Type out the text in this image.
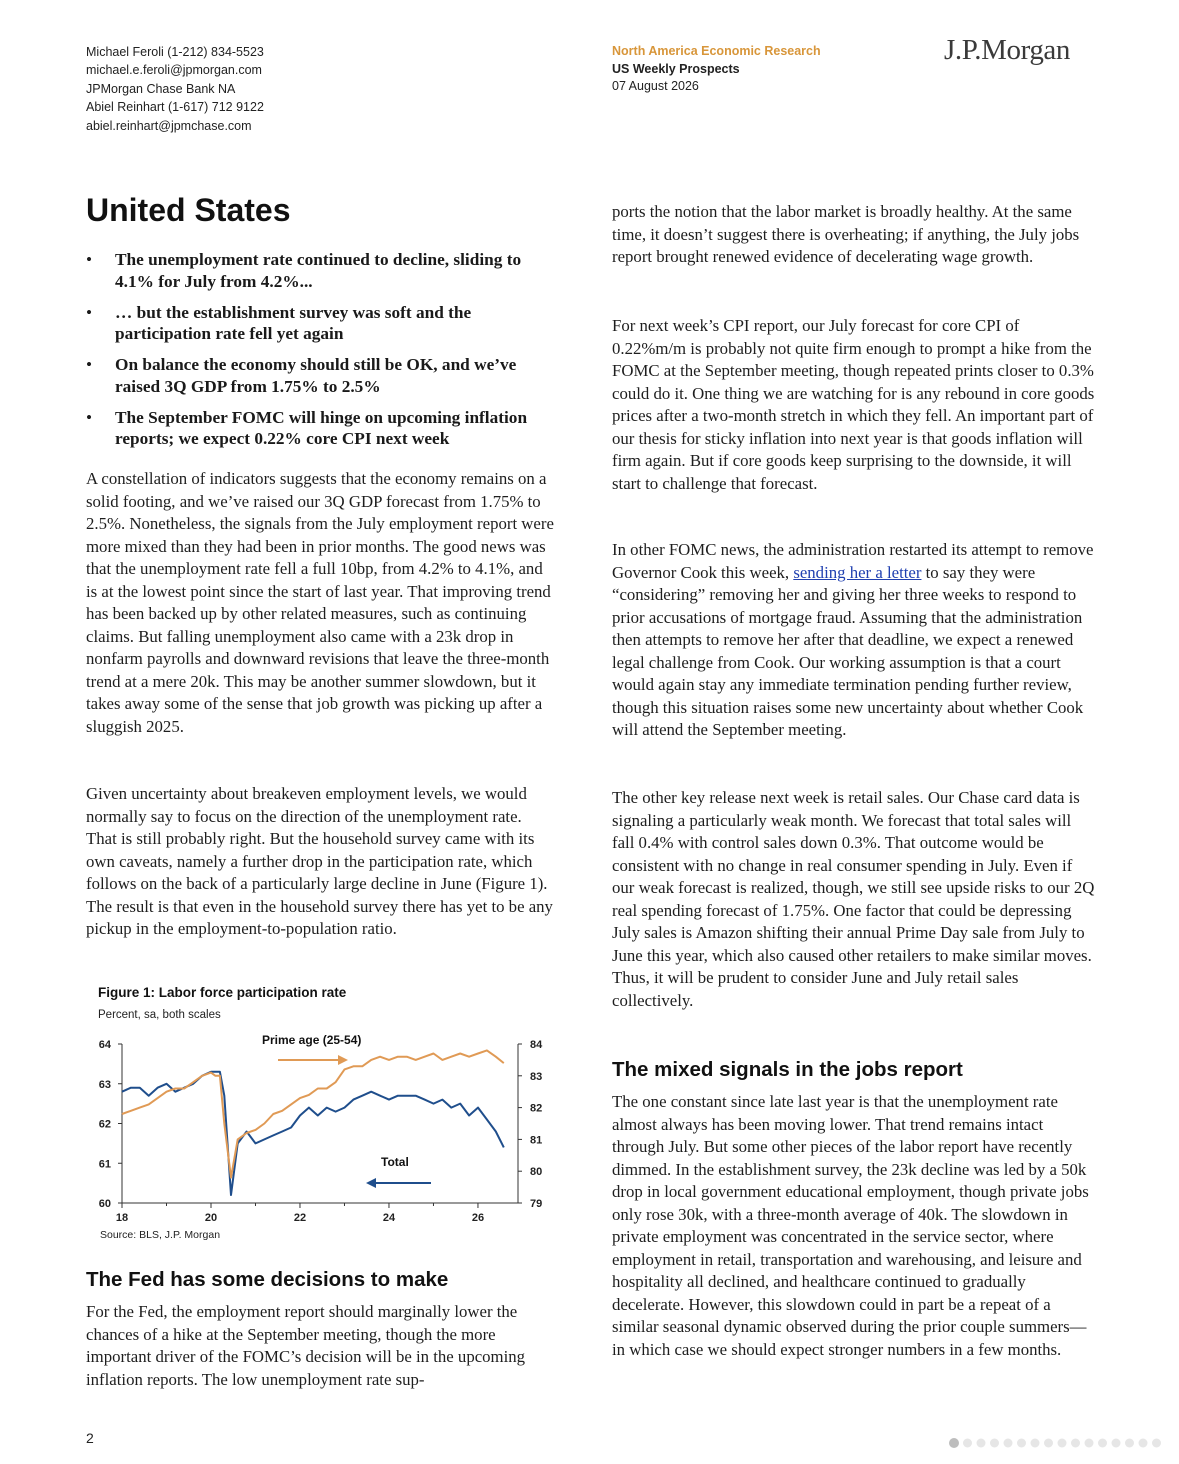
Michael Feroli (1-212) 834-5523
michael.e.feroli@jpmorgan.com
JPMorgan Chase Bank NA
Abiel Reinhart (1-617) 712 9122
abiel.reinhart@jpmchase.com
North America Economic Research
US Weekly Prospects
07 August 2026
J.P.Morgan
United States
• The unemployment rate continued to decline, sliding to 4.1% for July from 4.2%...
• … but the establishment survey was soft and the participation rate fell yet again
• On balance the economy should still be OK, and we’ve raised 3Q GDP from 1.75% to 2.5%
• The September FOMC will hinge on upcoming inflation reports; we expect 0.22% core CPI next week

A constellation of indicators suggests that the economy remains on a solid footing, and we’ve raised our 3Q GDP forecast from 1.75% to 2.5%. Nonetheless, the signals from the July employment report were more mixed than they had been in prior months. The good news was that the unemployment rate fell a full 10bp, from 4.2% to 4.1%, and is at the lowest point since the start of last year. That improving trend has been backed up by other related measures, such as continuing claims. But falling unemployment also came with a 23k drop in nonfarm payrolls and downward revisions that leave the three-month trend at a mere 20k. This may be another summer slowdown, but it takes away some of the sense that job growth was picking up after a sluggish 2025.

Given uncertainty about breakeven employment levels, we would normally say to focus on the direction of the unemployment rate. That is still probably right. But the household survey came with its own caveats, namely a further drop in the participation rate, which follows on the back of a particularly large decline in June (Figure 1). The result is that even in the household survey there has yet to be any pickup in the employment-to-population ratio.

Figure 1: Labor force participation rate
Percent, sa, both scales
60
61
62
63
64
79
80
81
82
83
84
18	20	22	24	26
Prime age (25-54)
Total
Source: BLS, J.P. Morgan
The Fed has some decisions to make

For the Fed, the employment report should marginally lower the chances of a hike at the September meeting, though the more important driver of the FOMC’s decision will be in the upcoming inflation reports. The low unemployment rate sup-

ports the notion that the labor market is broadly healthy. At the same time, it doesn’t suggest there is overheating; if anything, the July jobs report brought renewed evidence of decelerating wage growth.

For next week’s CPI report, our July forecast for core CPI of 0.22%m/m is probably not quite firm enough to prompt a hike from the FOMC at the September meeting, though repeated prints closer to 0.3% could do it. One thing we are watching for is any rebound in core goods prices after a two-month stretch in which they fell. An important part of our thesis for sticky inflation into next year is that goods inflation will firm again. But if core goods keep surprising to the downside, it will start to challenge that forecast.

In other FOMC news, the administration restarted its attempt to remove Governor Cook this week, sending her a letter to say they were “considering” removing her and giving her three weeks to respond to prior accusations of mortgage fraud. Assuming that the administration then attempts to remove her after that deadline, we expect a renewed legal challenge from Cook. Our working assumption is that a court would again stay any immediate termination pending further review, though this situation raises some new uncertainty about whether Cook will attend the September meeting.

The other key release next week is retail sales. Our Chase card data is signaling a particularly weak month. We forecast that total sales will fall 0.4% with control sales down 0.3%. That outcome would be consistent with no change in real consumer spending in July. Even if our weak forecast is realized, though, we still see upside risks to our 2Q real spending forecast of 1.75%. One factor that could be depressing July sales is Amazon shifting their annual Prime Day sale from July to June this year, which also caused other retailers to make similar moves. Thus, it will be prudent to consider June and July retail sales collectively.

The mixed signals in the jobs report

The one constant since late last year is that the unemployment rate almost always has been moving lower. That trend remains intact through July. But some other pieces of the labor report have recently dimmed. In the establishment survey, the 23k decline was led by a 50k drop in local government educational employment, though private jobs only rose 30k, with a three-month average of 40k. The slowdown in private employment was concentrated in the service sector, where employment in retail, transportation and warehousing, and leisure and hospitality all declined, and healthcare continued to gradually decelerate. However, this slowdown could in part be a repeat of a similar seasonal dynamic observed during the prior couple summers—in which case we should expect stronger numbers in a few months.

2
